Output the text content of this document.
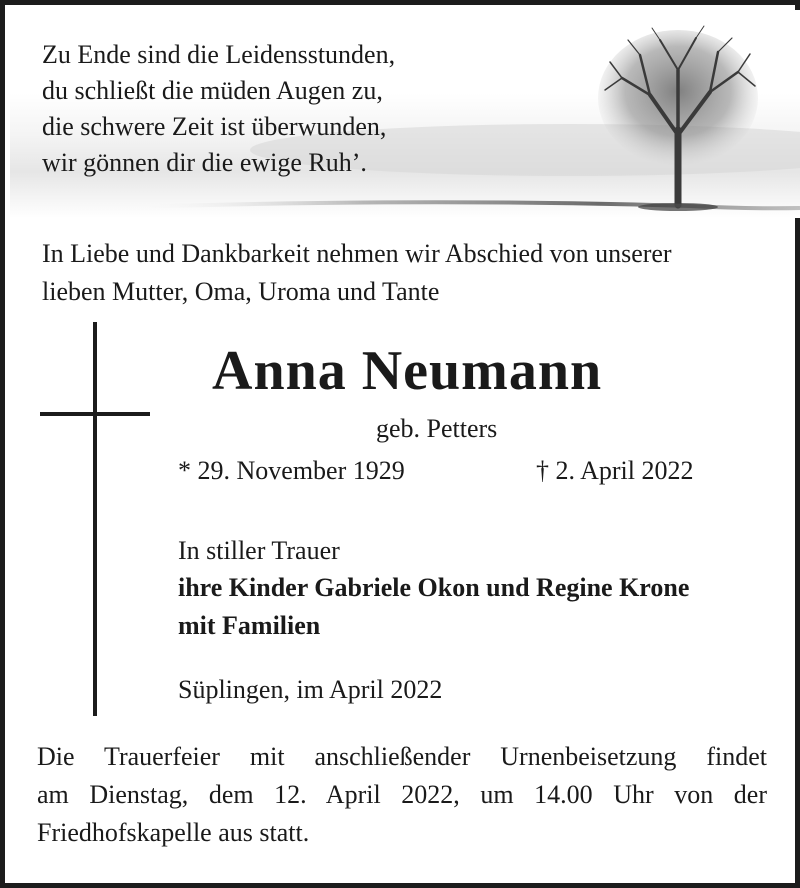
Zu Ende sind die Leidensstunden,
du schließt die müden Augen zu,
die schwere Zeit ist überwunden,
wir gönnen dir die ewige Ruh’.
In Liebe und Dankbarkeit nehmen wir Abschied von unserer
lieben Mutter, Oma, Uroma und Tante
Anna Neumann
geb. Petters
* 29. November 1929	† 2. April 2022
In stiller Trauer
ihre Kinder Gabriele Okon und Regine Krone
mit Familien
Süplingen, im April 2022
Die Trauerfeier mit anschließender Urnenbeisetzung findet
am Dienstag, dem 12. April 2022, um 14.00 Uhr von der
Friedhofskapelle aus statt.
